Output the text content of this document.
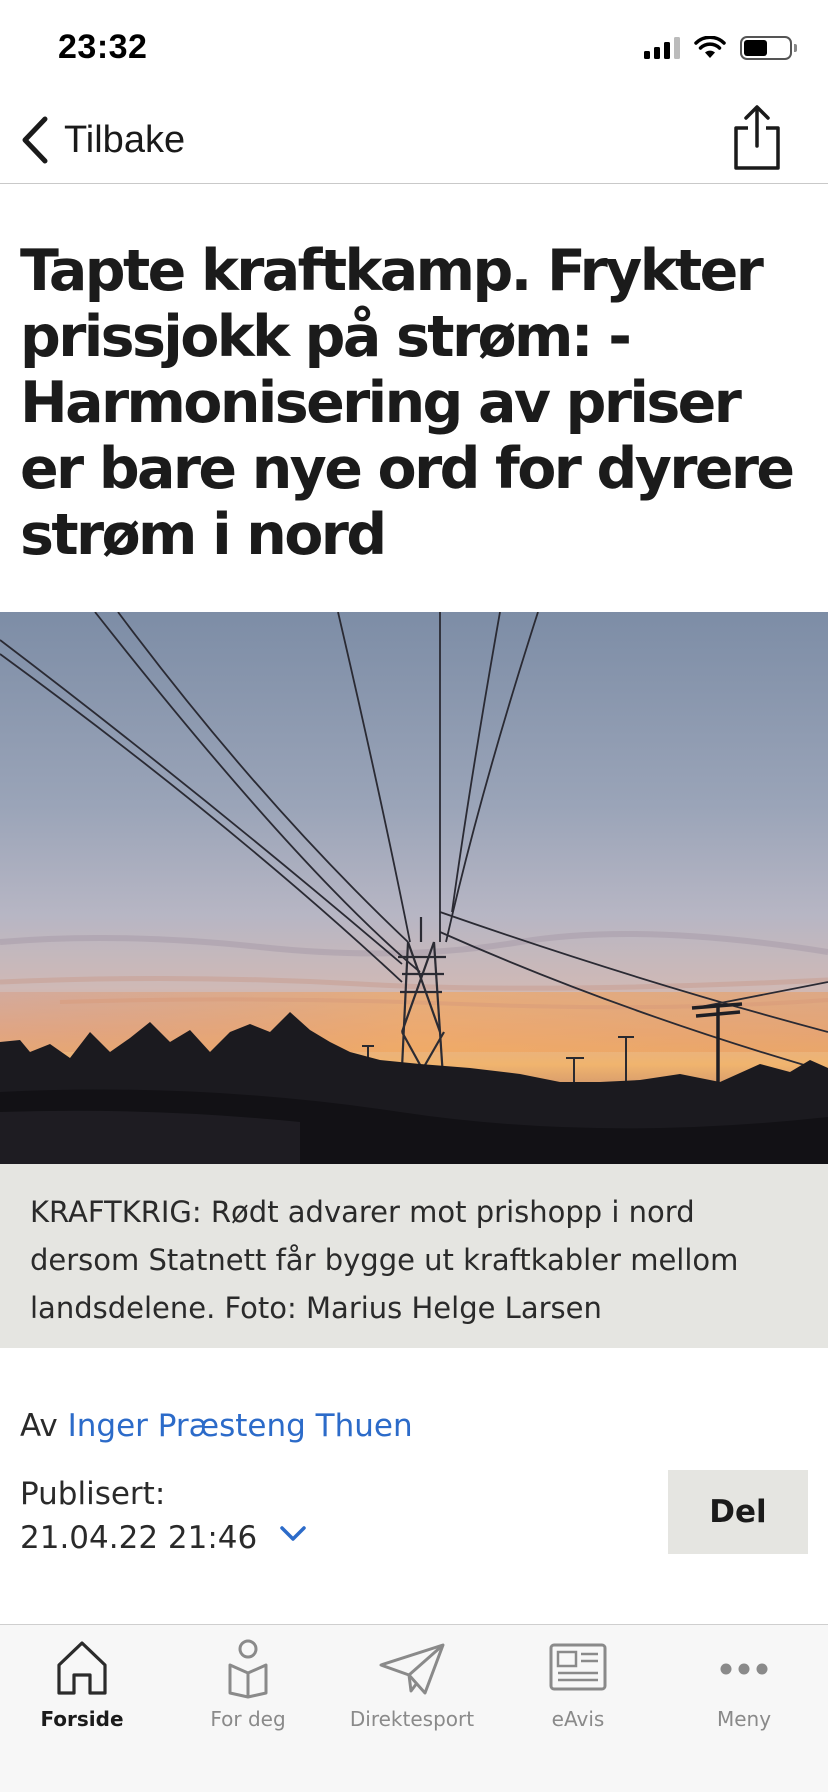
23:32
Tilbake
Tapte kraftkamp. Frykter prissjokk på strøm: - Harmonisering av priser er bare nye ord for dyrere strøm i nord

KRAFTKRIG: Rødt advarer mot prishopp i nord dersom Statnett får bygge ut kraftkabler mellom landsdelene. Foto: Marius Helge Larsen

Av Inger Præsteng Thuen
Publisert:
21.04.22 21:46
Del
Forside	For deg	Direktesport	eAvis	Meny
